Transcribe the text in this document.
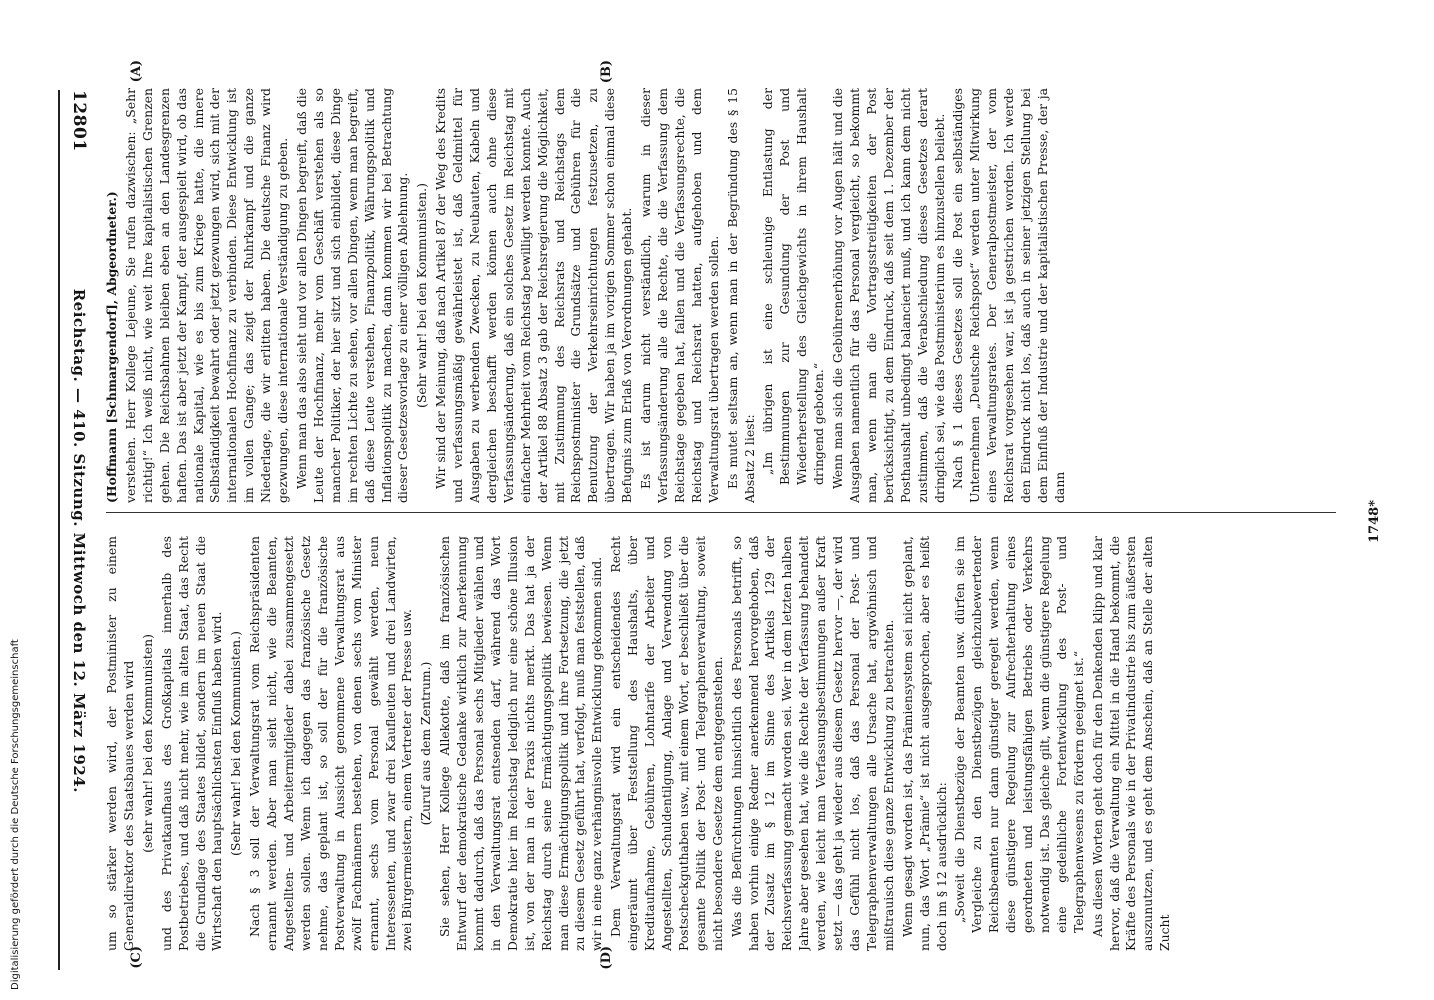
12801
Reichstag. — 410. Sitzung. Mittwoch den 12. März 1924. (Hoffmann [Schmargendorf], Abgeordneter.) verstehen. Herr Kollege Lejeune, Sie rufen dazwischen: „Sehr richtig!“ Ich weiß nicht, wie weit Ihre kapitalistischen Grenzen gehen. Die Reichsbahnen bleiben eben an den Landesgrenzen haften. Das ist aber jetzt der Kampf, der ausgespielt wird, ob das nationale Kapital, wie es bis zum Kriege hatte, die innere Selbständigkeit bewahrt oder jetzt gezwungen wird, sich mit der internationalen Hochfinanz zu verbinden. Diese Entwicklung ist im vollen Gange; das zeigt der Ruhrkampf und die ganze Niederlage, die wir erlitten haben. Die deutsche Finanz wird gezwungen, diese internationale Verständigung zu geben. Wenn man das also sieht und vor allen Dingen begreift, daß die Leute der Hochfinanz, mehr vom Geschäft verstehen als so mancher Politiker, der hier sitzt und sich einbildet, diese Dinge im rechten Lichte zu sehen, vor allen Dingen, wenn man begreift, daß diese Leute verstehen, Finanzpolitik, Währungspolitik und Inflationspolitik zu machen, dann kommen wir bei Betrachtung dieser Gesetzesvorlage zu einer völligen Ablehnung. (Sehr wahr! bei den Kommunisten.) Wir sind der Meinung, daß nach Artikel 87 der Weg des Kredits und verfassungsmäßig gewährleistet ist, daß Geldmittel für Ausgaben zu werbenden Zwecken, zu Neubauten, Kabeln und dergleichen beschafft werden können auch ohne diese Verfassungsänderung, daß ein solches Gesetz im Reichstag mit einfacher Mehrheit vom Reichstag bewilligt werden konnte. Auch der Artikel 88 Absatz 3 gab der Reichsregierung die Möglichkeit, mit Zustimmung des Reichsrats und Reichstags dem Reichspostminister die Grundsätze und Gebühren für die Benutzung der Verkehrseinrichtungen festzusetzen, zu übertragen. Wir haben ja im vorigen Sommer schon einmal diese Befugnis zum Erlaß von Verordnungen gehabt. Es ist darum nicht verständlich, warum in dieser Verfassungsänderung alle die Rechte, die die Verfassung dem Reichstage gegeben hat, fallen und die Verfassungsrechte, die Reichstag und Reichsrat hatten, aufgehoben und dem Verwaltungsrat übertragen werden sollen. Es mutet seltsam an, wenn man in der Begründung des § 15 Absatz 2 liest: „Im übrigen ist eine schleunige Entlastung der Bestimmungen zur Gesundung der Post und Wiederherstellung des Gleichgewichts in ihrem Haushalt dringend geboten.“ Wenn man sich die Gebührenerhöhung vor Augen hält und die Ausgaben namentlich für das Personal vergleicht, so bekommt man, wenn man die Vortragsstreitigkeiten der Post berücksichtigt, zu dem Eindruck, daß seit dem 1. Dezember der Posthaushalt unbedingt balanciert muß, und ich kann dem nicht zustimmen, daß die Verabschiedung dieses Gesetzes derart dringlich sei, wie das Postministerium es hinzustellen beliebt. Nach § 1 dieses Gesetzes soll die Post ein selbständiges Unternehmen „Deutsche Reichspost“ werden unter Mitwirkung eines Verwaltungsrates. Der Generalpostmeister, der vom Reichsrat vorgesehen war, ist ja gestrichen worden. Ich werde den Eindruck nicht los, daß auch in seiner jetzigen Stellung bei dem Einfluß der Industrie und der kapitalistischen Presse, der ja dann

um so stärker werden wird, der Postminister zu einem Generaldirektor des Staatsbaues werden wird (sehr wahr! bei den Kommunisten) und des Privatkaufhaus des Großkapitals innerhalb des Postbetriebes, und daß nicht mehr, wie im alten Staat, das Recht die Grundlage des Staates bildet, sondern im neuen Staat die Wirtschaft den hauptsächlichsten Einfluß haben wird. (Sehr wahr! bei den Kommunisten.) Nach § 3 soll der Verwaltungsrat vom Reichspräsidenten ernannt werden. Aber man sieht nicht, wie die Beamten, Angestellten- und Arbeitermitglieder dabei zusammengesetzt werden sollen. Wenn ich dagegen das französische Gesetz nehme, das geplant ist, so soll der für die französische Postverwaltung in Aussicht genommene Verwaltungsrat aus zwölf Fachmännern bestehen, von denen sechs vom Minister ernannt, sechs vom Personal gewählt werden, neun Interessenten, und zwar drei Kaufleuten und drei Landwirten, zwei Bürgermeistern, einem Vertreter der Presse usw. (Zuruf aus dem Zentrum.) Sie sehen, Herr Kollege Allekotte, daß im französischen Entwurf der demokratische Gedanke wirklich zur Anerkennung kommt dadurch, daß das Personal sechs Mitglieder wählen und in den Verwaltungsrat entsenden darf, während das Wort Demokratie hier im Reichstag lediglich nur eine schöne Illusion ist, von der man in der Praxis nichts merkt. Das hat ja der Reichstag durch seine Ermächtigungspolitik bewiesen. Wenn man diese Ermächtigungspolitik und ihre Fortsetzung, die jetzt zu diesem Gesetz geführt hat, verfolgt, muß man feststellen, daß wir in eine ganz verhängnisvolle Entwicklung gekommen sind. Dem Verwaltungsrat wird ein entscheidendes Recht eingeräumt über Feststellung des Haushalts, über Kreditaufnahme, Gebühren, Lohntarife der Arbeiter und Angestellten, Schuldentilgung, Anlage und Verwendung von Postscheckguthaben usw., mit einem Wort, er beschließt über die gesamte Politik der Post- und Telegraphenverwaltung, soweit nicht besondere Gesetze dem entgegenstehen. Was die Befürchtungen hinsichtlich des Personals betrifft, so haben vorhin einige Redner anerkennend hervorgehoben, daß der Zusatz im § 12 im Sinne des Artikels 129 der Reichsverfassung gemacht worden sei. Wer in dem letzten halben Jahre aber gesehen hat, wie die Rechte der Verfassung behandelt werden, wie leicht man Verfassungsbestimmungen außer Kraft setzt — das geht ja wieder aus diesem Gesetz hervor —, der wird das Gefühl nicht los, daß das Personal der Post- und Telegraphenverwaltungen alle Ursache hat, argwöhnisch und mißtrauisch diese ganze Entwicklung zu betrachten. Wenn gesagt worden ist, das Prämiensystem sei nicht geplant, nun, das Wort „Prämie“ ist nicht ausgesprochen, aber es heißt doch im § 12 ausdrücklich: „Soweit die Dienstbezüge der Beamten usw. dürfen sie im Vergleiche zu den Dienstbezügen gleichzubewertender Reichsbeamten nur dann günstiger geregelt werden, wenn diese günstigere Regelung zur Aufrechterhaltung eines geordneten und leistungsfähigen Betriebs oder Verkehrs notwendig ist. Das gleiche gilt, wenn die günstigere Regelung eine gedeihliche Fortentwicklung des Post- und Telegraphenwesens zu fördern geeignet ist.“ Aus diesen Worten geht doch für den Denkenden klipp und klar hervor, daß die Verwaltung ein Mittel in die Hand bekommt, die Kräfte des Personals wie in der Privatindustrie bis zum äußersten auszunutzen, und es geht dem Anschein, daß an Stelle der alten Zucht

(A)	(B)
(C)	(D)
1748*
Digitalisierung gefördert durch die Deutsche Forschungsgemeinschaft
